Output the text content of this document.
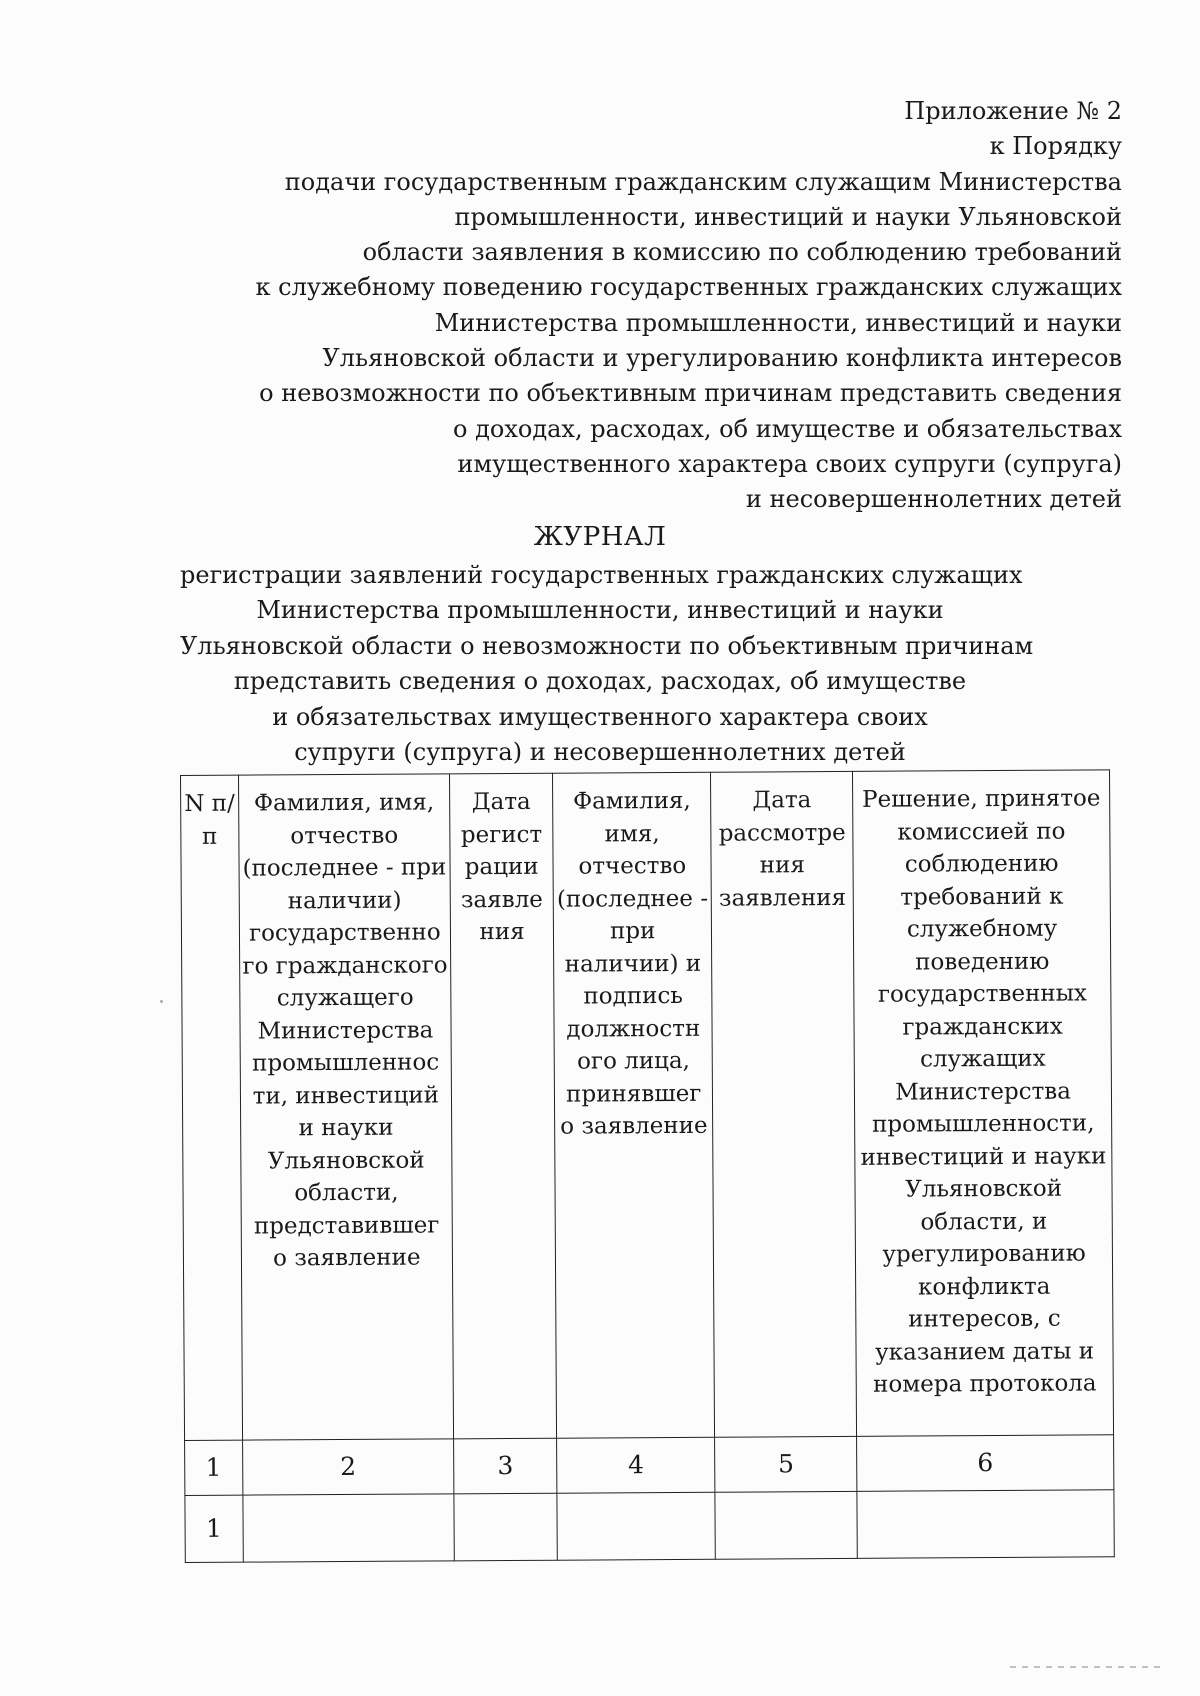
Приложение № 2
к Порядку
подачи государственным гражданским служащим Министерства
промышленности, инвестиций и науки Ульяновской
области заявления в комиссию по соблюдению требований
к служебному поведению государственных гражданских служащих
Министерства промышленности, инвестиций и науки
Ульяновской области и урегулированию конфликта интересов
о невозможности по объективным причинам представить сведения
о доходах, расходах, об имуществе и обязательствах
имущественного характера своих супруги (супруга)
и несовершеннолетних детей
ЖУРНАЛ
регистрации заявлений государственных гражданских служащих
Министерства промышленности, инвестиций и науки
Ульяновской области о невозможности по объективным причинам
представить сведения о доходах, расходах, об имуществе
и обязательствах имущественного характера своих
супруги (супруга) и несовершеннолетних детей
N п/п	Фамилия, имя, отчество (последнее - при наличии) государственно го гражданского служащего Министерства промышленнос ти, инвестиций и науки Ульяновской области, представившег о заявление	Дата регист рации заявле ния	Фамилия, имя, отчество (последнее - при наличии) и подпись должностн ого лица, принявшег о заявление	Дата рассмотре ния заявления	Решение, принятое комиссией по соблюдению требований к служебному поведению государственных гражданских служащих Министерства промышленности, инвестиций и науки Ульяновской области, и урегулированию конфликта интересов, с указанием даты и номера протокола
1	2	3	4	5	6
1					
